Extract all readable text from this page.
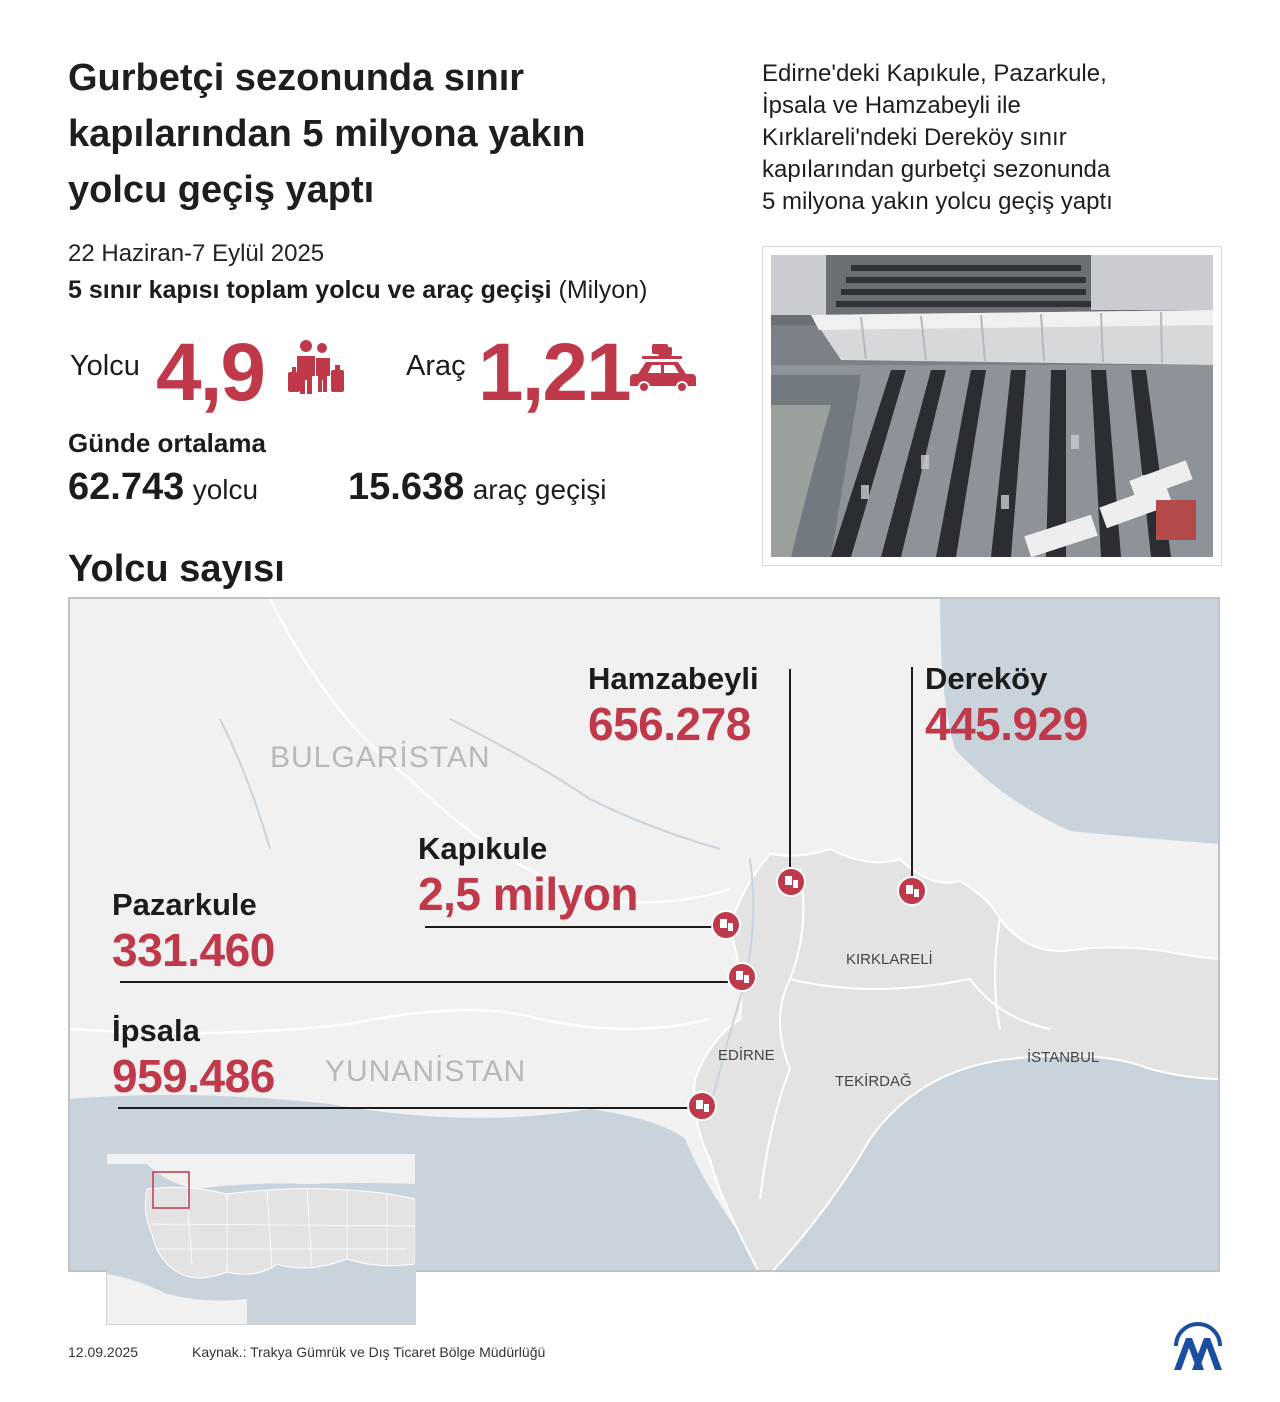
Gurbetçi sezonunda sınır
kapılarından 5 milyona yakın
yolcu geçiş yaptı
Edirne'deki Kapıkule, Pazarkule,
İpsala ve Hamzabeyli ile
Kırklareli'ndeki Dereköy sınır
kapılarından gurbetçi sezonunda
5 milyona yakın yolcu geçiş yaptı
22 Haziran-7 Eylül 2025
5 sınır kapısı toplam yolcu ve araç geçişi (Milyon)
Yolcu 4,9	Araç 1,21
Günde ortalama
62.743 yolcu 15.638 araç geçişi
Yolcu sayısı
BULGARİSTAN
YUNANİSTAN
KIRKLARELİ
EDİRNE
TEKİRDAĞ
İSTANBUL
Hamzabeyli
656.278
Dereköy
445.929
Kapıkule
2,5 milyon
Pazarkule
331.460
İpsala
959.486
12.09.2025	Kaynak.: Trakya Gümrük ve Dış Ticaret Bölge Müdürlüğü
